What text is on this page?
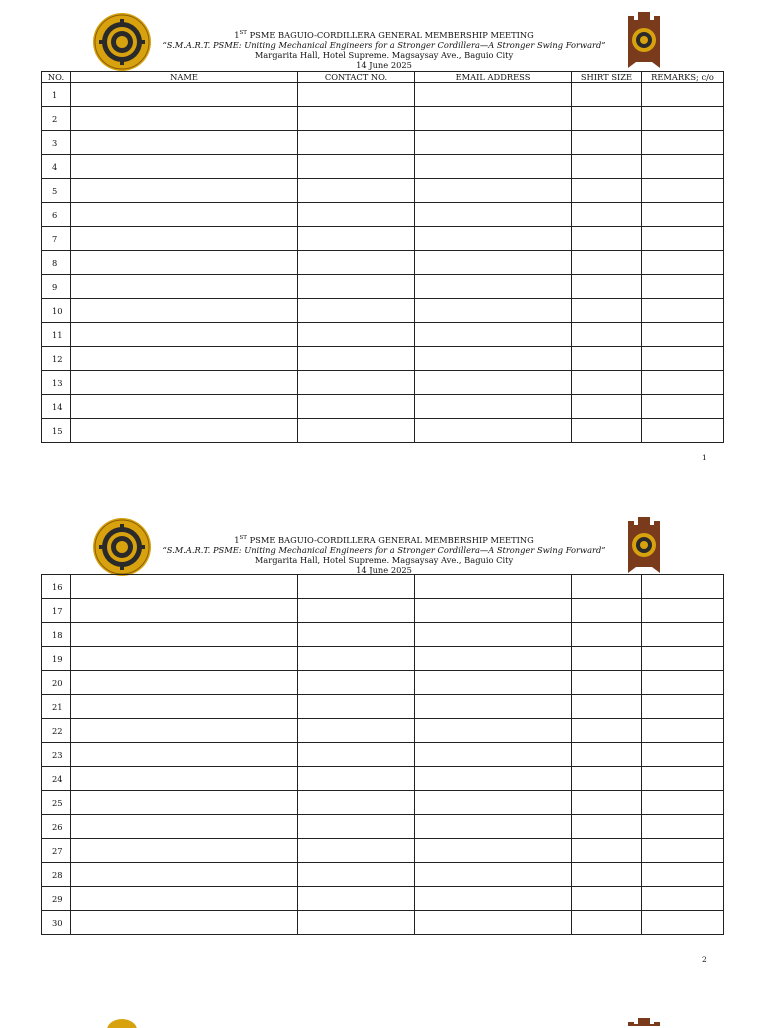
1ST PSME BAGUIO-CORDILLERA GENERAL MEMBERSHIP MEETING
“S.M.A.R.T. PSME: Uniting Mechanical Engineers for a Stronger Cordillera—A Stronger Swing Forward”
Margarita Hall, Hotel Supreme. Magsaysay Ave., Baguio City
14 June 2025
NO.	NAME	CONTACT NO.	EMAIL ADDRESS	SHIRT SIZE	REMARKS; c/o
1					
2					
3					
4					
5					
6					
7					
8					
9					
10					
11					
12					
13					
14					
15					
1
1ST PSME BAGUIO-CORDILLERA GENERAL MEMBERSHIP MEETING
“S.M.A.R.T. PSME: Uniting Mechanical Engineers for a Stronger Cordillera—A Stronger Swing Forward”
Margarita Hall, Hotel Supreme. Magsaysay Ave., Baguio City
14 June 2025
16					
17					
18					
19					
20					
21					
22					
23					
24					
25					
26					
27					
28					
29					
30					
2
